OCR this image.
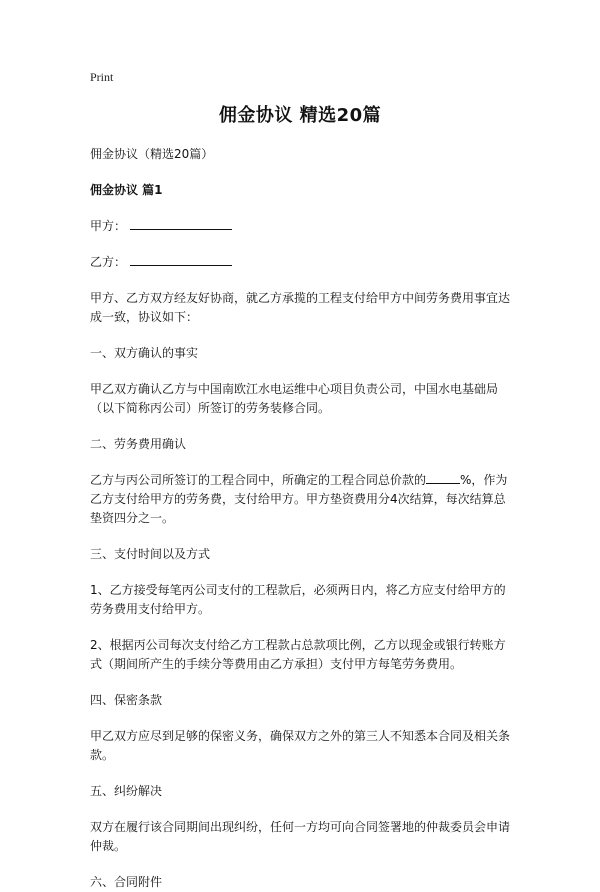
Print
佣金协议 精选20篇
佣金协议（精选20篇）
佣金协议 篇1
甲方：
乙方：
甲方、乙方双方经友好协商，就乙方承揽的工程支付给甲方中间劳务费用事宜达成一致，协议如下：
一、双方确认的事实
甲乙双方确认乙方与中国南欧江水电运维中心项目负责公司，中国水电基础局（以下简称丙公司）所签订的劳务装修合同。
二、劳务费用确认
乙方与丙公司所签订的工程合同中，所确定的工程合同总价款的	%，作为乙方支付给甲方的劳务费，支付给甲方。甲方垫资费用分4次结算，每次结算总垫资四分之一。
三、支付时间以及方式
1、乙方接受每笔丙公司支付的工程款后，必须两日内，将乙方应支付给甲方的劳务费用支付给甲方。
2、根据丙公司每次支付给乙方工程款占总款项比例，乙方以现金或银行转账方式（期间所产生的手续分等费用由乙方承担）支付甲方每笔劳务费用。
四、保密条款
甲乙双方应尽到足够的保密义务，确保双方之外的第三人不知悉本合同及相关条款。
五、纠纷解决
双方在履行该合同期间出现纠纷，任何一方均可向合同签署地的仲裁委员会申请仲裁。
六、合同附件
